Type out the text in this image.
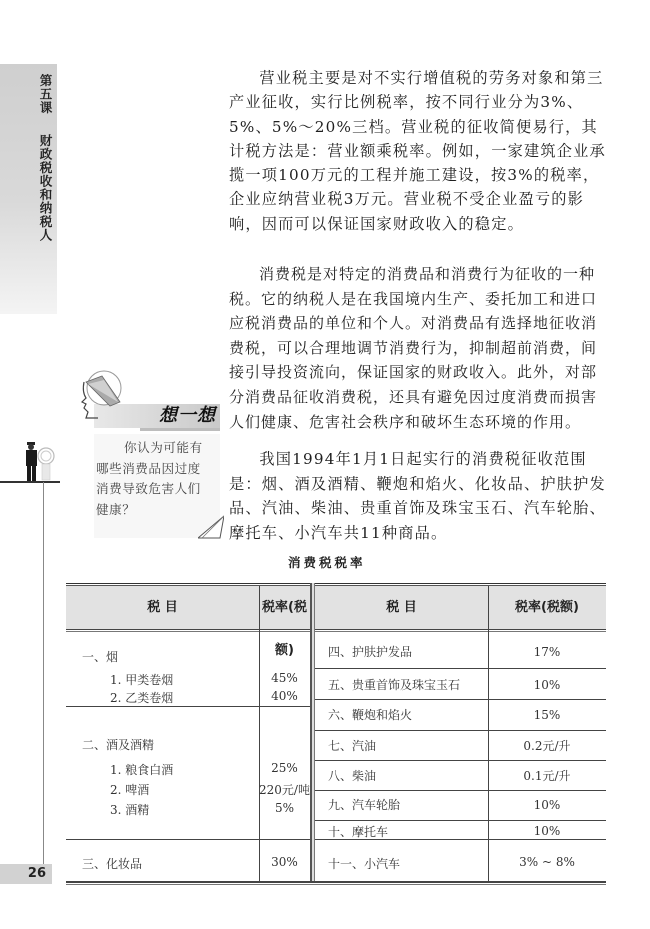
第五课
财政税收和纳税人
26

营业税主要是对不实行增值税的劳务对象和第三产业征收，实行比例税率，按不同行业分为3%、5%、5%～20%三档。营业税的征收简便易行，其计税方法是：营业额乘税率。例如，一家建筑企业承揽一项100万元的工程并施工建设，按3%的税率，企业应纳营业税3万元。营业税不受企业盈亏的影响，因而可以保证国家财政收入的稳定。

消费税是对特定的消费品和消费行为征收的一种税。它的纳税人是在我国境内生产、委托加工和进口应税消费品的单位和个人。对消费品有选择地征收消费税，可以合理地调节消费行为，抑制超前消费，间接引导投资流向，保证国家的财政收入。此外，对部分消费品征收消费税，还具有避免因过度消费而损害人们健康、危害社会秩序和破坏生态环境的作用。

我国1994年1月1日起实行的消费税征收范围是：烟、酒及酒精、鞭炮和焰火、化妆品、护肤护发品、汽油、柴油、贵重首饰及珠宝玉石、汽车轮胎、摩托车、小汽车共11种商品。

想一想
你认为可能有
哪些消费品因过度
消费导致危害人们
健康？
消费税税率
税 目	税率(税额)
税 目	税率(税额)
一、烟
1. 甲类卷烟	45%
2. 乙类卷烟	40%
二、酒及酒精
1. 粮食白酒	25%
2. 啤酒	220元/吨
3. 酒精	5%
三、化妆品	30%
四、护肤护发品	17%
五、贵重首饰及珠宝玉石	10%
六、鞭炮和焰火	15%
七、汽油	0.2元/升
八、柴油	0.1元/升
九、汽车轮胎	10%
十、摩托车	10%
十一、小汽车	3% ~ 8%
